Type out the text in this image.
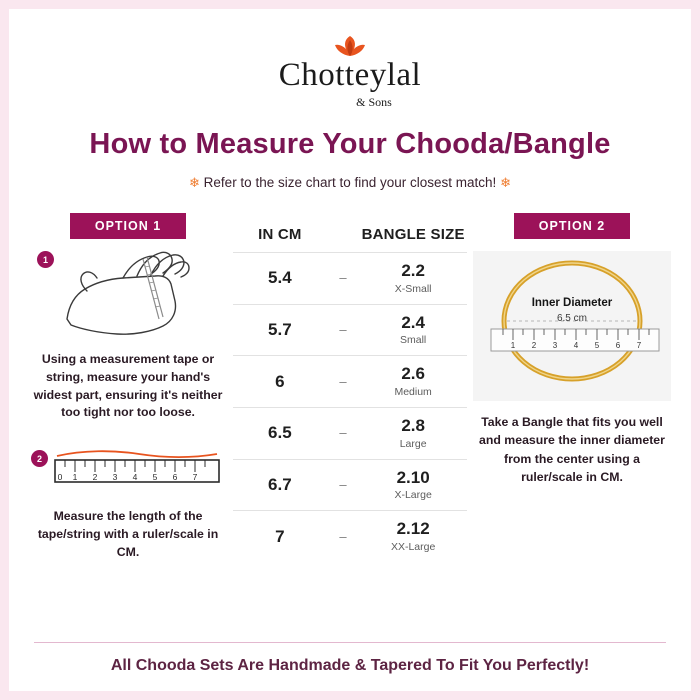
Chotteylal
& Sons
How to Measure Your Chooda/Bangle
❄ Refer to the size chart to find your closest match! ❄
OPTION 1
1
Using a measurement tape or string, measure your hand's widest part, ensuring it's neither too tight nor too loose.
2
0 1 2 3 4 5 6 7
Measure the length of the tape/string with a ruler/scale in CM.
IN CM		BANGLE SIZE
5.4	–	2.2
X-Small

5.7	–	2.4
Small

6	–	2.6
Medium

6.5	–	2.8
Large

6.7	–	2.10
X-Large

7	–	2.12
XX-Large
OPTION 2
1 2 3 4 5 6 7
Inner Diameter
6.5 cm
Take a Bangle that fits you well and measure the inner diameter from the center using a ruler/scale in CM.
All Chooda Sets Are Handmade & Tapered To Fit You Perfectly!
